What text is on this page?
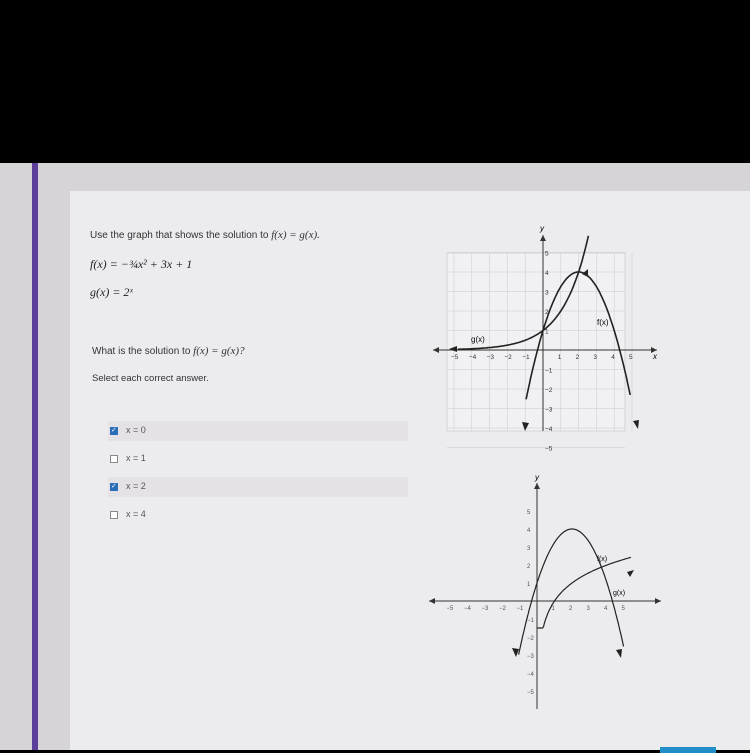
Use the graph that shows the solution to f(x) = g(x).
f(x) = −¾x² + 3x + 1
g(x) = 2ˣ
What is the solution to f(x) = g(x)?
Select each correct answer.
✓
x = 0
x = 1
✓
x = 2
x = 4
y
x
−5 −4 −3 −2 −1	1 2 3 4 5
5
4
3
2
1
−1
−2
−3
−4
−5
f(x)
g(x)
y
−5 −4 −3 −2 −1	1 2 3 4 5
5
4
3
2
1
−1
−2
−3
−4
−5
f(x)
g(x)
